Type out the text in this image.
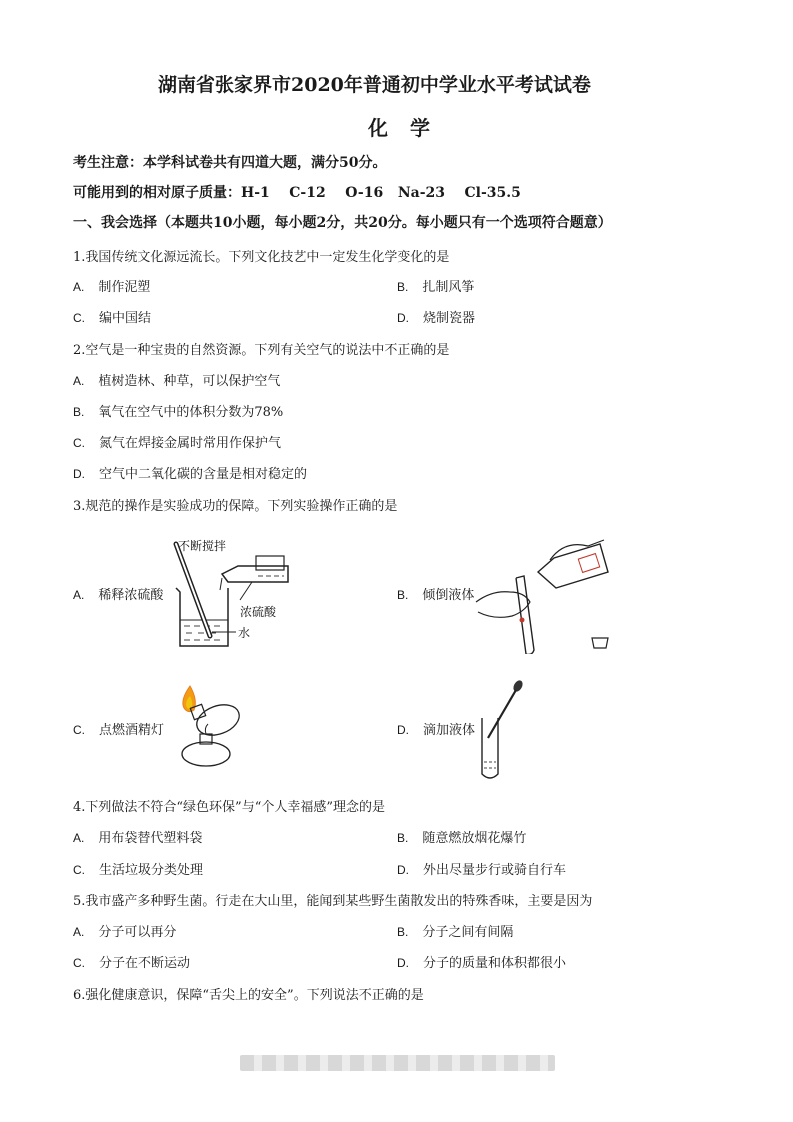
湖南省张家界市2020年普通初中学业水平考试试卷
化学
考生注意：本学科试卷共有四道大题，满分50分。
可能用到的相对原子质量：H-1    C-12    O-16   Na-23    Cl-35.5
一、我会选择（本题共10小题，每小题2分，共20分。每小题只有一个选项符合题意）
1.我国传统文化源远流长。下列文化技艺中一定发生化学变化的是
A. 制作泥塑	B. 扎制风筝
C. 编中国结	D. 烧制瓷器
2.空气是一种宝贵的自然资源。下列有关空气的说法中不正确的是
A. 植树造林、种草，可以保护空气
B. 氧气在空气中的体积分数为78%
C. 氮气在焊接金属时常用作保护气
D. 空气中二氧化碳的含量是相对稳定的
3.规范的操作是实验成功的保障。下列实验操作正确的是
A. 稀释浓硫酸
不断搅拌
浓硫酸
水
B. 倾倒液体
C. 点燃酒精灯	D. 滴加液体
4.下列做法不符合“绿色环保”与“个人幸福感”理念的是
A. 用布袋替代塑料袋	B. 随意燃放烟花爆竹
C. 生活垃圾分类处理	D. 外出尽量步行或骑自行车
5.我市盛产多种野生菌。行走在大山里，能闻到某些野生菌散发出的特殊香味，主要是因为
A. 分子可以再分	B. 分子之间有间隔
C. 分子在不断运动	D. 分子的质量和体积都很小
6.强化健康意识，保障“舌尖上的安全”。下列说法不正确的是
